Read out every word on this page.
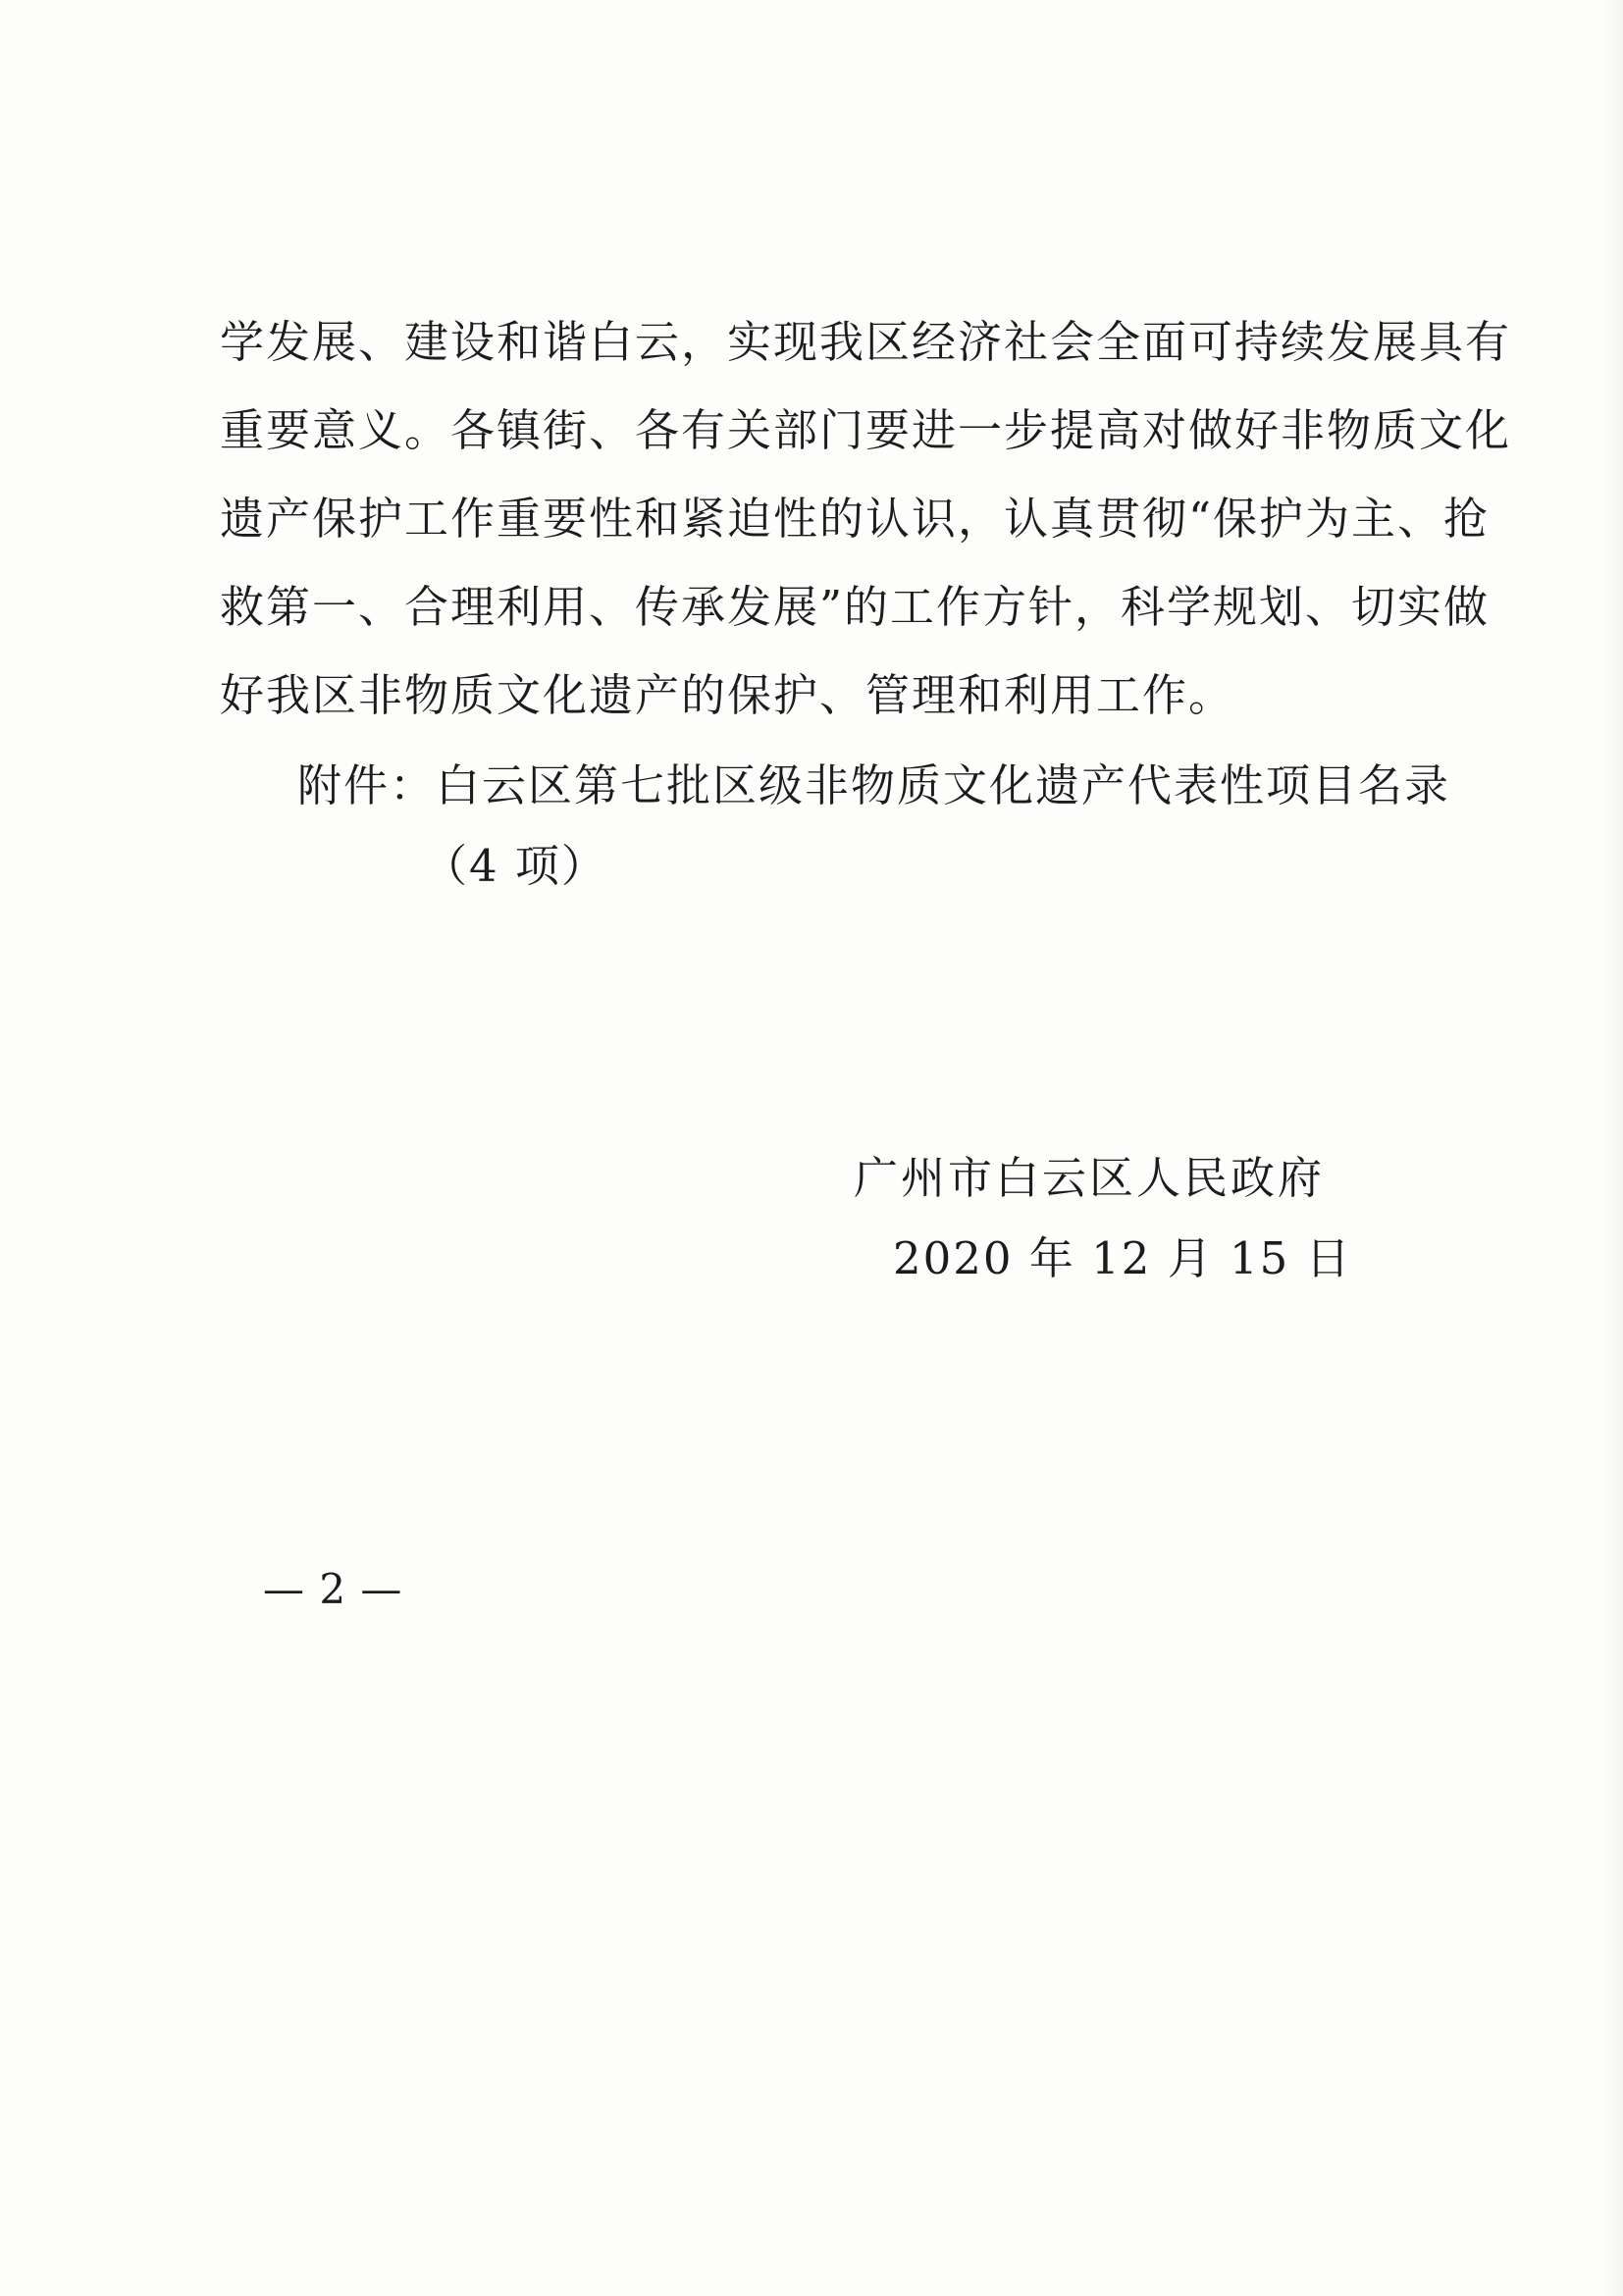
学发展、建设和谐白云，实现我区经济社会全面可持续发展具有
重要意义。各镇街、各有关部门要进一步提高对做好非物质文化
遗产保护工作重要性和紧迫性的认识，认真贯彻“保护为主、抢
救第一、合理利用、传承发展”的工作方针，科学规划、切实做
好我区非物质文化遗产的保护、管理和利用工作。
附件：白云区第七批区级非物质文化遗产代表性项目名录
（4 项）
广州市白云区人民政府
2020 年 12 月 15 日
— 2 —
